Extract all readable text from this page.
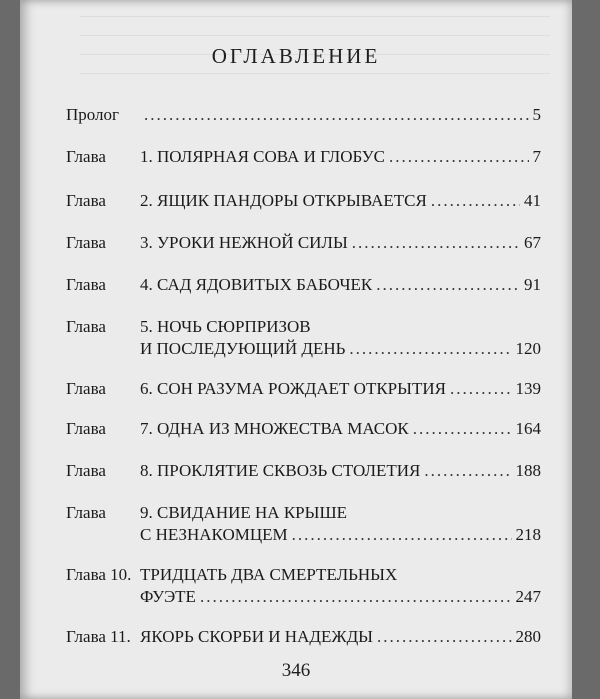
ОГЛАВЛЕНИЕ
Пролог .....	5
Глава	1. ПОЛЯРНАЯ СОВА И ГЛОБУС .....	7
Глава	2. ЯЩИК ПАНДОРЫ ОТКРЫВАЕТСЯ .....	41
Глава	3. УРОКИ НЕЖНОЙ СИЛЫ .....	67
Глава	4. САД ЯДОВИТЫХ БАБОЧЕК .....	91
Глава	5. НОЧЬ СЮРПРИЗОВ
И ПОСЛЕДУЮЩИЙ ДЕНЬ .....	120
Глава	6. СОН РАЗУМА РОЖДАЕТ ОТКРЫТИЯ .....	139
Глава	7. ОДНА ИЗ МНОЖЕСТВА МАСОК .....	164
Глава	8. ПРОКЛЯТИЕ СКВОЗЬ СТОЛЕТИЯ .....	188
Глава	9. СВИДАНИЕ НА КРЫШЕ
С НЕЗНАКОМЦЕМ .....	218
Глава 10. ТРИДЦАТЬ ДВА СМЕРТЕЛЬНЫХ
ФУЭТЕ .....	247
Глава 11. ЯКОРЬ СКОРБИ И НАДЕЖДЫ .....	280
346
